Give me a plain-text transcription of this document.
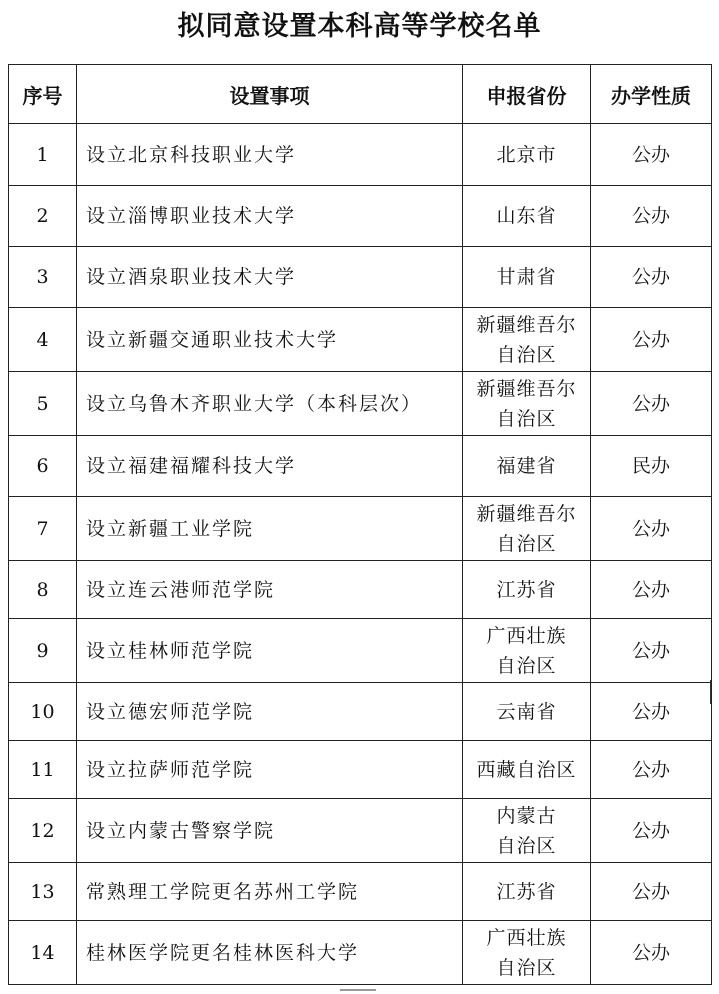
拟同意设置本科高等学校名单
序号	设置事项	申报省份	办学性质
1	设立北京科技职业大学	北京市	公办
2	设立淄博职业技术大学	山东省	公办
3	设立酒泉职业技术大学	甘肃省	公办
4	设立新疆交通职业技术大学	新疆维吾尔
自治区	公办
5	设立乌鲁木齐职业大学（本科层次）	新疆维吾尔
自治区	公办
6	设立福建福耀科技大学	福建省	民办
7	设立新疆工业学院	新疆维吾尔
自治区	公办
8	设立连云港师范学院	江苏省	公办
9	设立桂林师范学院	广西壮族
自治区	公办
10	设立德宏师范学院	云南省	公办
11	设立拉萨师范学院	西藏自治区	公办
12	设立内蒙古警察学院	内蒙古
自治区	公办
13	常熟理工学院更名苏州工学院	江苏省	公办
14	桂林医学院更名桂林医科大学	广西壮族
自治区	公办
